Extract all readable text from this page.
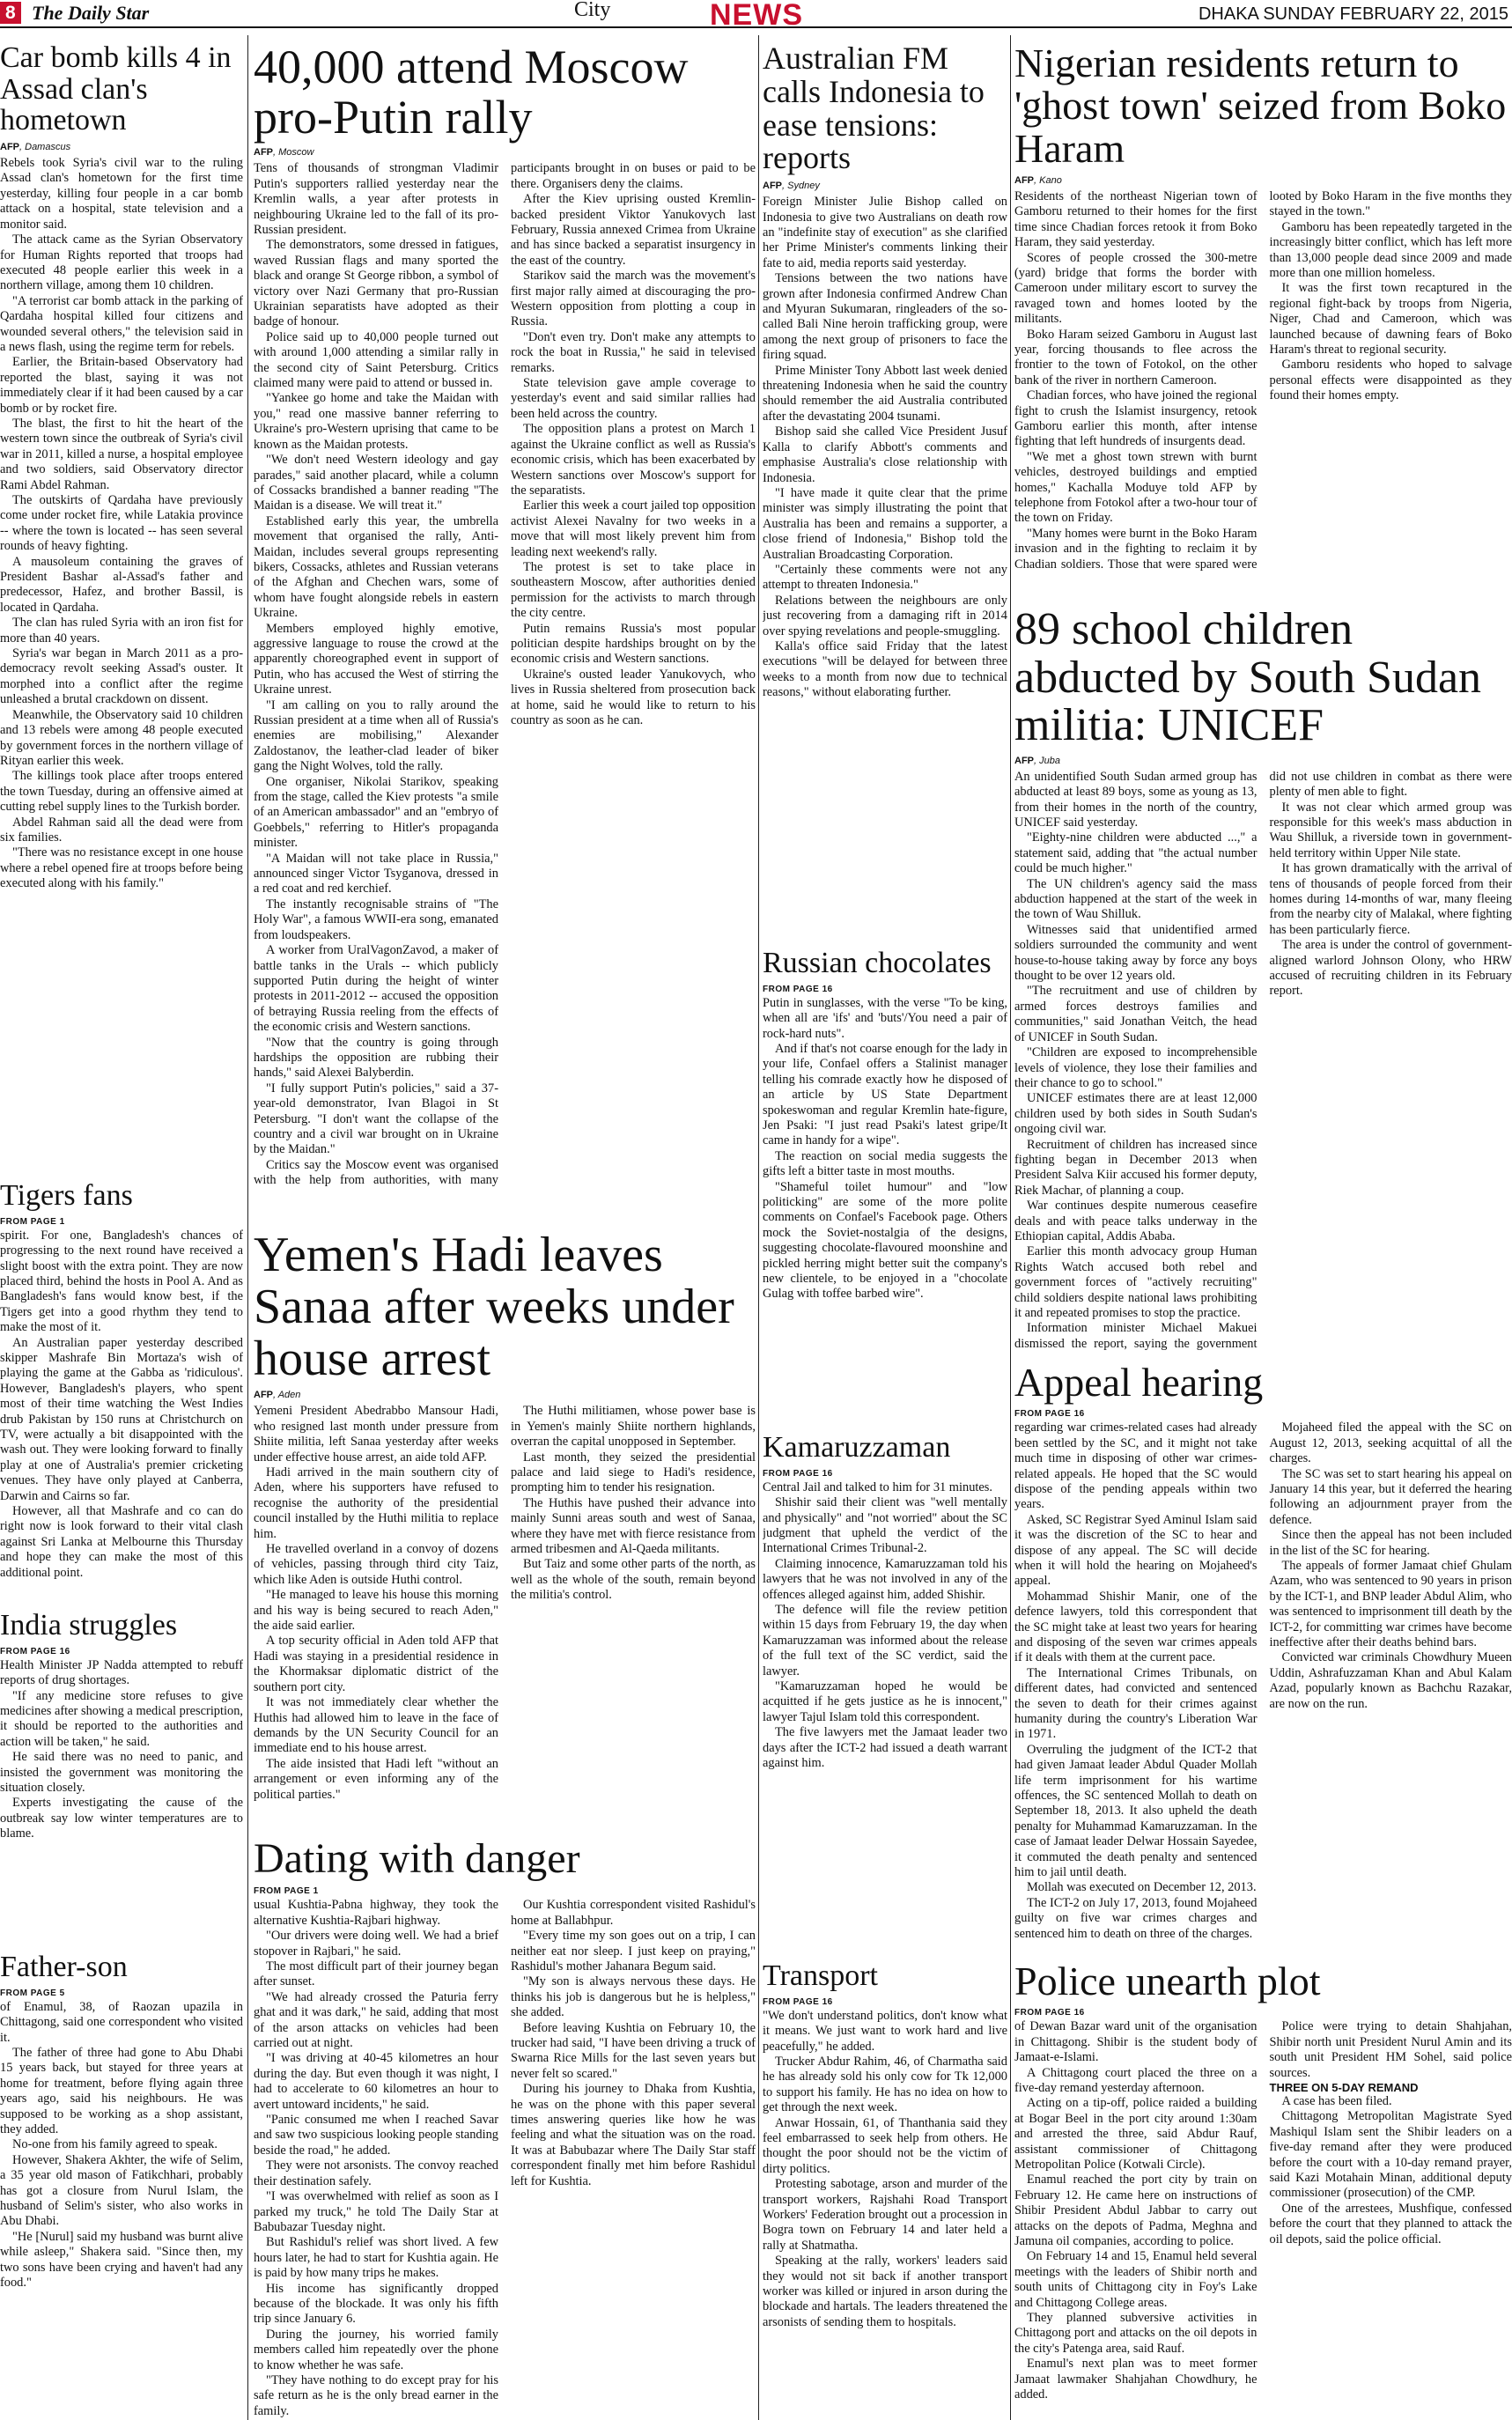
8 The Daily Star	City	NEWS	DHAKA SUNDAY FEBRUARY 22, 2015
Car bomb kills 4 in Assad clan's hometown
AFP, Damascus

Rebels took Syria's civil war to the ruling Assad clan's hometown for the first time yesterday, killing four people in a car bomb attack on a hospital, state television and a monitor said.

The attack came as the Syrian Observatory for Human Rights reported that troops had executed 48 people earlier this week in a northern village, among them 10 children.

"A terrorist car bomb attack in the parking of Qardaha hospital killed four citizens and wounded several others," the television said in a news flash, using the regime term for rebels.

Earlier, the Britain-based Observatory had reported the blast, saying it was not immediately clear if it had been caused by a car bomb or by rocket fire.

The blast, the first to hit the heart of the western town since the outbreak of Syria's civil war in 2011, killed a nurse, a hospital employee and two soldiers, said Observatory director Rami Abdel Rahman.

The outskirts of Qardaha have previously come under rocket fire, while Latakia province -- where the town is located -- has seen several rounds of heavy fighting.

A mausoleum containing the graves of President Bashar al-Assad's father and predecessor, Hafez, and brother Bassil, is located in Qardaha.

The clan has ruled Syria with an iron fist for more than 40 years.

Syria's war began in March 2011 as a pro-democracy revolt seeking Assad's ouster. It morphed into a conflict after the regime unleashed a brutal crackdown on dissent.

Meanwhile, the Observatory said 10 children and 13 rebels were among 48 people executed by government forces in the northern village of Rityan earlier this week.

The killings took place after troops entered the town Tuesday, during an offensive aimed at cutting rebel supply lines to the Turkish border.

Abdel Rahman said all the dead were from six families.

"There was no resistance except in one house where a rebel opened fire at troops before being executed along with his family."

Tigers fans
FROM PAGE 1

spirit. For one, Bangladesh's chances of progressing to the next round have received a slight boost with the extra point. They are now placed third, behind the hosts in Pool A. And as Bangladesh's fans would know best, if the Tigers get into a good rhythm they tend to make the most of it.

An Australian paper yesterday described skipper Mashrafe Bin Mortaza's wish of playing the game at the Gabba as 'ridiculous'. However, Bangladesh's players, who spent most of their time watching the West Indies drub Pakistan by 150 runs at Christchurch on TV, were actually a bit disappointed with the wash out. They were looking forward to finally play at one of Australia's premier cricketing venues. They have only played at Canberra, Darwin and Cairns so far.

However, all that Mashrafe and co can do right now is look forward to their vital clash against Sri Lanka at Melbourne this Thursday and hope they can make the most of this additional point.

India struggles
FROM PAGE 16

Health Minister JP Nadda attempted to rebuff reports of drug shortages.

"If any medicine store refuses to give medicines after showing a medical prescription, it should be reported to the authorities and action will be taken," he said.

He said there was no need to panic, and insisted the government was monitoring the situation closely.

Experts investigating the cause of the outbreak say low winter temperatures are to blame.

Father-son
FROM PAGE 5

of Enamul, 38, of Raozan upazila in Chittagong, said one correspondent who visited it.

The father of three had gone to Abu Dhabi 15 years back, but stayed for three years at home for treatment, before flying again three years ago, said his neighbours. He was supposed to be working as a shop assistant, they added.

No-one from his family agreed to speak.

However, Shakera Akhter, the wife of Selim, a 35 year old mason of Fatikchhari, probably has got a closure from Nurul Islam, the husband of Selim's sister, who also works in Abu Dhabi.

"He [Nurul] said my husband was burnt alive while asleep," Shakera said. "Since then, my two sons have been crying and haven't had any food."

40,000 attend Moscow pro-Putin rally
AFP, Moscow

Tens of thousands of strongman Vladimir Putin's supporters rallied yesterday near the Kremlin walls, a year after protests in neighbouring Ukraine led to the fall of its pro-Russian president.

The demonstrators, some dressed in fatigues, waved Russian flags and many sported the black and orange St George ribbon, a symbol of victory over Nazi Germany that pro-Russian Ukrainian separatists have adopted as their badge of honour.

Police said up to 40,000 people turned out with around 1,000 attending a similar rally in the second city of Saint Petersburg. Critics claimed many were paid to attend or bussed in.

"Yankee go home and take the Maidan with you," read one massive banner referring to Ukraine's pro-Western uprising that came to be known as the Maidan protests.

"We don't need Western ideology and gay parades," said another placard, while a column of Cossacks brandished a banner reading "The Maidan is a disease. We will treat it."

Established early this year, the umbrella movement that organised the rally, Anti-Maidan, includes several groups representing bikers, Cossacks, athletes and Russian veterans of the Afghan and Chechen wars, some of whom have fought alongside rebels in eastern Ukraine.

Members employed highly emotive, aggressive language to rouse the crowd at the apparently choreographed event in support of Putin, who has accused the West of stirring the Ukraine unrest.

"I am calling on you to rally around the Russian president at a time when all of Russia's enemies are mobilising," Alexander Zaldostanov, the leather-clad leader of biker gang the Night Wolves, told the rally.

One organiser, Nikolai Starikov, speaking from the stage, called the Kiev protests "a smile of an American ambassador" and an "embryo of Goebbels," referring to Hitler's propaganda minister.

"A Maidan will not take place in Russia," announced singer Victor Tsyganova, dressed in a red coat and red kerchief.

The instantly recognisable strains of "The Holy War", a famous WWII-era song, emanated from loudspeakers.

A worker from UralVagonZavod, a maker of battle tanks in the Urals -- which publicly supported Putin during the height of winter protests in 2011-2012 -- accused the opposition of betraying Russia reeling from the effects of the economic crisis and Western sanctions.

"Now that the country is going through hardships the opposition are rubbing their hands," said Alexei Balyberdin.

"I fully support Putin's policies," said a 37-year-old demonstrator, Ivan Blagoi in St Petersburg. "I don't want the collapse of the country and a civil war brought on in Ukraine by the Maidan."

Critics say the Moscow event was organised with the help from authorities, with many participants brought in on buses or paid to be there. Organisers deny the claims.

After the Kiev uprising ousted Kremlin-backed president Viktor Yanukovych last February, Russia annexed Crimea from Ukraine and has since backed a separatist insurgency in the east of the country.

Starikov said the march was the movement's first major rally aimed at discouraging the pro-Western opposition from plotting a coup in Russia.

"Don't even try. Don't make any attempts to rock the boat in Russia," he said in televised remarks.

State television gave ample coverage to yesterday's event and said similar rallies had been held across the country.

The opposition plans a protest on March 1 against the Ukraine conflict as well as Russia's economic crisis, which has been exacerbated by Western sanctions over Moscow's support for the separatists.

Earlier this week a court jailed top opposition activist Alexei Navalny for two weeks in a move that will most likely prevent him from leading next weekend's rally.

The protest is set to take place in southeastern Moscow, after authorities denied permission for the activists to march through the city centre.

Putin remains Russia's most popular politician despite hardships brought on by the economic crisis and Western sanctions.

Ukraine's ousted leader Yanukovych, who lives in Russia sheltered from prosecution back at home, said he would like to return to his country as soon as he can.

Yemen's Hadi leaves Sanaa after weeks under house arrest
AFP, Aden

Yemeni President Abedrabbo Mansour Hadi, who resigned last month under pressure from Shiite militia, left Sanaa yesterday after weeks under effective house arrest, an aide told AFP.

Hadi arrived in the main southern city of Aden, where his supporters have refused to recognise the authority of the presidential council installed by the Huthi militia to replace him.

He travelled overland in a convoy of dozens of vehicles, passing through third city Taiz, which like Aden is outside Huthi control.

"He managed to leave his house this morning and his way is being secured to reach Aden," the aide said earlier.

A top security official in Aden told AFP that Hadi was staying in a presidential residence in the Khormaksar diplomatic district of the southern port city.

It was not immediately clear whether the Huthis had allowed him to leave in the face of demands by the UN Security Council for an immediate end to his house arrest.

The aide insisted that Hadi left "without an arrangement or even informing any of the political parties."

The Huthi militiamen, whose power base is in Yemen's mainly Shiite northern highlands, overran the capital unopposed in September.

Last month, they seized the presidential palace and laid siege to Hadi's residence, prompting him to tender his resignation.

The Huthis have pushed their advance into mainly Sunni areas south and west of Sanaa, where they have met with fierce resistance from armed tribesmen and Al-Qaeda militants.

But Taiz and some other parts of the north, as well as the whole of the south, remain beyond the militia's control.

Dating with danger
FROM PAGE 1

usual Kushtia-Pabna highway, they took the alternative Kushtia-Rajbari highway.

"Our drivers were doing well. We had a brief stopover in Rajbari," he said.

The most difficult part of their journey began after sunset.

"We had already crossed the Paturia ferry ghat and it was dark," he said, adding that most of the arson attacks on vehicles had been carried out at night.

"I was driving at 40-45 kilometres an hour during the day. But even though it was night, I had to accelerate to 60 kilometres an hour to avert untoward incidents," he said.

"Panic consumed me when I reached Savar and saw two suspicious looking people standing beside the road," he added.

They were not arsonists. The convoy reached their destination safely.

"I was overwhelmed with relief as soon as I parked my truck," he told The Daily Star at Babubazar Tuesday night.

But Rashidul's relief was short lived. A few hours later, he had to start for Kushtia again. He is paid by how many trips he makes.

His income has significantly dropped because of the blockade. It was only his fifth trip since January 6.

During the journey, his worried family members called him repeatedly over the phone to know whether he was safe.

"They have nothing to do except pray for his safe return as he is the only bread earner in the family.

Our Kushtia correspondent visited Rashidul's home at Ballabhpur.

"Every time my son goes out on a trip, I can neither eat nor sleep. I just keep on praying," Rashidul's mother Jahanara Begum said.

"My son is always nervous these days. He thinks his job is dangerous but he is helpless," she added.

Before leaving Kushtia on February 10, the trucker had said, "I have been driving a truck of Swarna Rice Mills for the last seven years but never felt so scared."

During his journey to Dhaka from Kushtia, he was on the phone with this paper several times answering queries like how he was feeling and what the situation was on the road. It was at Babubazar where The Daily Star staff correspondent finally met him before Rashidul left for Kushtia.

Australian FM calls Indonesia to ease tensions: reports
AFP, Sydney

Foreign Minister Julie Bishop called on Indonesia to give two Australians on death row an "indefinite stay of execution" as she clarified her Prime Minister's comments linking their fate to aid, media reports said yesterday.

Tensions between the two nations have grown after Indonesia confirmed Andrew Chan and Myuran Sukumaran, ringleaders of the so-called Bali Nine heroin trafficking group, were among the next group of prisoners to face the firing squad.

Prime Minister Tony Abbott last week denied threatening Indonesia when he said the country should remember the aid Australia contributed after the devastating 2004 tsunami.

Bishop said she called Vice President Jusuf Kalla to clarify Abbott's comments and emphasise Australia's close relationship with Indonesia.

"I have made it quite clear that the prime minister was simply illustrating the point that Australia has been and remains a supporter, a close friend of Indonesia," Bishop told the Australian Broadcasting Corporation.

"Certainly these comments were not any attempt to threaten Indonesia."

Relations between the neighbours are only just recovering from a damaging rift in 2014 over spying revelations and people-smuggling.

Kalla's office said Friday that the latest executions "will be delayed for between three weeks to a month from now due to technical reasons," without elaborating further.

Russian chocolates
FROM PAGE 16

Putin in sunglasses, with the verse "To be king, when all are 'ifs' and 'buts'/You need a pair of rock-hard nuts".

And if that's not coarse enough for the lady in your life, Confael offers a Stalinist manager telling his comrade exactly how he disposed of an article by US State Department spokeswoman and regular Kremlin hate-figure, Jen Psaki: "I just read Psaki's latest gripe/It came in handy for a wipe".

The reaction on social media suggests the gifts left a bitter taste in most mouths.

"Shameful toilet humour" and "low politicking" are some of the more polite comments on Confael's Facebook page. Others mock the Soviet-nostalgia of the designs, suggesting chocolate-flavoured moonshine and pickled herring might better suit the company's new clientele, to be enjoyed in a "chocolate Gulag with toffee barbed wire".

Kamaruzzaman
FROM PAGE 16

Central Jail and talked to him for 31 minutes.

Shishir said their client was "well mentally and physically" and "not worried" about the SC judgment that upheld the verdict of the International Crimes Tribunal-2.

Claiming innocence, Kamaruzzaman told his lawyers that he was not involved in any of the offences alleged against him, added Shishir.

The defence will file the review petition within 15 days from February 19, the day when Kamaruzzaman was informed about the release of the full text of the SC verdict, said the lawyer.

"Kamaruzzaman hoped he would be acquitted if he gets justice as he is innocent," lawyer Tajul Islam told this correspondent.

The five lawyers met the Jamaat leader two days after the ICT-2 had issued a death warrant against him.

Transport
FROM PAGE 16

"We don't understand politics, don't know what it means. We just want to work hard and live peacefully," he added.

Trucker Abdur Rahim, 46, of Charmatha said he has already sold his only cow for Tk 12,000 to support his family. He has no idea on how to get through the next week.

Anwar Hossain, 61, of Thanthania said they feel embarrassed to seek help from others. He thought the poor should not be the victim of dirty politics.

Protesting sabotage, arson and murder of the transport workers, Rajshahi Road Transport Workers' Federation brought out a procession in Bogra town on February 14 and later held a rally at Shatmatha.

Speaking at the rally, workers' leaders said they would not sit back if another transport worker was killed or injured in arson during the blockade and hartals. The leaders threatened the arsonists of sending them to hospitals.

Nigerian residents return to 'ghost town' seized from Boko Haram
AFP, Kano

Residents of the northeast Nigerian town of Gamboru returned to their homes for the first time since Chadian forces retook it from Boko Haram, they said yesterday.

Scores of people crossed the 300-metre (yard) bridge that forms the border with Cameroon under military escort to survey the ravaged town and homes looted by the militants.

Boko Haram seized Gamboru in August last year, forcing thousands to flee across the frontier to the town of Fotokol, on the other bank of the river in northern Cameroon.

Chadian forces, who have joined the regional fight to crush the Islamist insurgency, retook Gamboru earlier this month, after intense fighting that left hundreds of insurgents dead.

"We met a ghost town strewn with burnt vehicles, destroyed buildings and emptied homes," Kachalla Moduye told AFP by telephone from Fotokol after a two-hour tour of the town on Friday.

"Many homes were burnt in the Boko Haram invasion and in the fighting to reclaim it by Chadian soldiers. Those that were spared were looted by Boko Haram in the five months they stayed in the town."

Gamboru has been repeatedly targeted in the increasingly bitter conflict, which has left more than 13,000 people dead since 2009 and made more than one million homeless.

It was the first town recaptured in the regional fight-back by troops from Nigeria, Niger, Chad and Cameroon, which was launched because of dawning fears of Boko Haram's threat to regional security.

Gamboru residents who hoped to salvage personal effects were disappointed as they found their homes empty.

89 school children abducted by South Sudan militia: UNICEF
AFP, Juba

An unidentified South Sudan armed group has abducted at least 89 boys, some as young as 13, from their homes in the north of the country, UNICEF said yesterday.

"Eighty-nine children were abducted ...," a statement said, adding that "the actual number could be much higher."

The UN children's agency said the mass abduction happened at the start of the week in the town of Wau Shilluk.

Witnesses said that unidentified armed soldiers surrounded the community and went house-to-house taking away by force any boys thought to be over 12 years old.

"The recruitment and use of children by armed forces destroys families and communities," said Jonathan Veitch, the head of UNICEF in South Sudan.

"Children are exposed to incomprehensible levels of violence, they lose their families and their chance to go to school."

UNICEF estimates there are at least 12,000 children used by both sides in South Sudan's ongoing civil war.

Recruitment of children has increased since fighting began in December 2013 when President Salva Kiir accused his former deputy, Riek Machar, of planning a coup.

War continues despite numerous ceasefire deals and with peace talks underway in the Ethiopian capital, Addis Ababa.

Earlier this month advocacy group Human Rights Watch accused both rebel and government forces of "actively recruiting" child soldiers despite national laws prohibiting it and repeated promises to stop the practice.

Information minister Michael Makuei dismissed the report, saying the government did not use children in combat as there were plenty of men able to fight.

It was not clear which armed group was responsible for this week's mass abduction in Wau Shilluk, a riverside town in government-held territory within Upper Nile state.

It has grown dramatically with the arrival of tens of thousands of people forced from their homes during 14-months of war, many fleeing from the nearby city of Malakal, where fighting has been particularly fierce.

The area is under the control of government-aligned warlord Johnson Olony, who HRW accused of recruiting children in its February report.

Appeal hearing
FROM PAGE 16

regarding war crimes-related cases had already been settled by the SC, and it might not take much time in disposing of other war crimes-related appeals. He hoped that the SC would dispose of the pending appeals within two years.

Asked, SC Registrar Syed Aminul Islam said it was the discretion of the SC to hear and dispose of any appeal. The SC will decide when it will hold the hearing on Mojaheed's appeal.

Mohammad Shishir Manir, one of the defence lawyers, told this correspondent that the SC might take at least two years for hearing and disposing of the seven war crimes appeals if it deals with them at the current pace.

The International Crimes Tribunals, on different dates, had convicted and sentenced the seven to death for their crimes against humanity during the country's Liberation War in 1971.

Overruling the judgment of the ICT-2 that had given Jamaat leader Abdul Quader Mollah life term imprisonment for his wartime offences, the SC sentenced Mollah to death on September 18, 2013. It also upheld the death penalty for Muhammad Kamaruzzaman. In the case of Jamaat leader Delwar Hossain Sayedee, it commuted the death penalty and sentenced him to jail until death.

Mollah was executed on December 12, 2013.

The ICT-2 on July 17, 2013, found Mojaheed guilty on five war crimes charges and sentenced him to death on three of the charges.

Mojaheed filed the appeal with the SC on August 12, 2013, seeking acquittal of all the charges.

The SC was set to start hearing his appeal on January 14 this year, but it deferred the hearing following an adjournment prayer from the defence.

Since then the appeal has not been included in the list of the SC for hearing.

The appeals of former Jamaat chief Ghulam Azam, who was sentenced to 90 years in prison by the ICT-1, and BNP leader Abdul Alim, who was sentenced to imprisonment till death by the ICT-2, for committing war crimes have become ineffective after their deaths behind bars.

Convicted war criminals Chowdhury Mueen Uddin, Ashrafuzzaman Khan and Abul Kalam Azad, popularly known as Bachchu Razakar, are now on the run.

Police unearth plot
FROM PAGE 16

of Dewan Bazar ward unit of the organisation in Chittagong. Shibir is the student body of Jamaat-e-Islami.

A Chittagong court placed the three on a five-day remand yesterday afternoon.

Acting on a tip-off, police raided a building at Bogar Beel in the port city around 1:30am and arrested the three, said Abdur Rauf, assistant commissioner of Chittagong Metropolitan Police (Kotwali Circle).

Enamul reached the port city by train on February 12. He came here on instructions of Shibir President Abdul Jabbar to carry out attacks on the depots of Padma, Meghna and Jamuna oil companies, according to police.

On February 14 and 15, Enamul held several meetings with the leaders of Shibir north and south units of Chittagong city in Foy's Lake and Chittagong College areas.

They planned subversive activities in Chittagong port and attacks on the oil depots in the city's Patenga area, said Rauf.

Enamul's next plan was to meet former Jamaat lawmaker Shahjahan Chowdhury, he added.

Police were trying to detain Shahjahan, Shibir north unit President Nurul Amin and its south unit President HM Sohel, said police sources.

THREE ON 5-DAY REMAND

A case has been filed.

Chittagong Metropolitan Magistrate Syed Mashiqul Islam sent the Shibir leaders on a five-day remand after they were produced before the court with a 10-day remand prayer, said Kazi Motahain Minan, additional deputy commissioner (prosecution) of the CMP.

One of the arrestees, Mushfique, confessed before the court that they planned to attack the oil depots, said the police official.
